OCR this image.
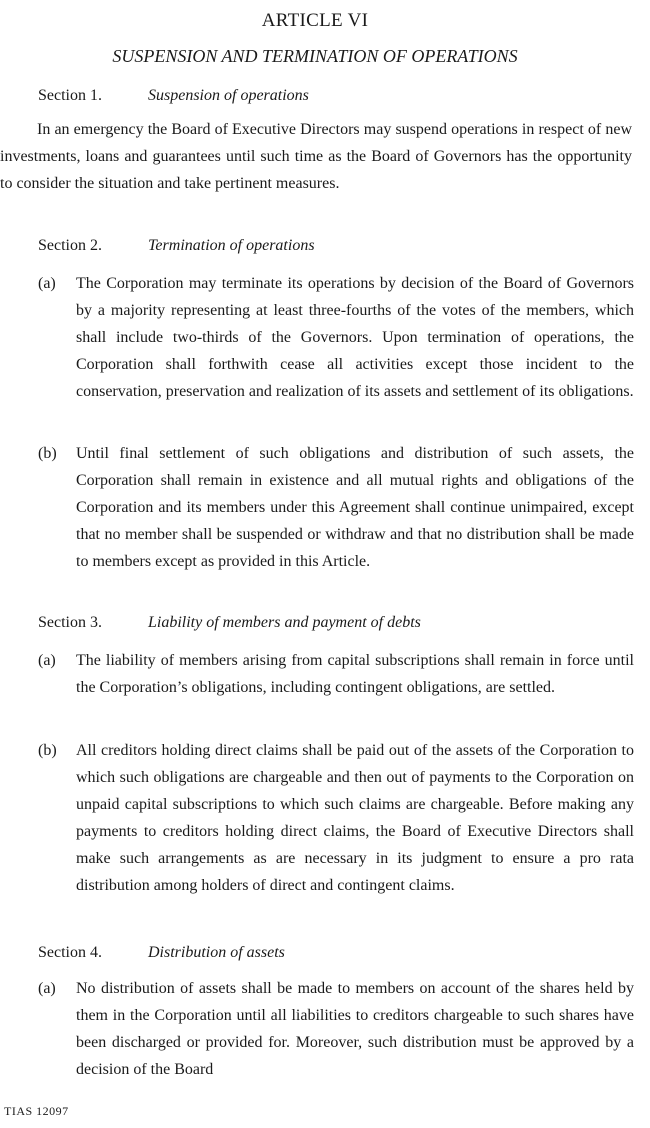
ARTICLE VI
SUSPENSION AND TERMINATION OF OPERATIONS
Section 1.	Suspension of operations
In an emergency the Board of Executive Directors may suspend operations in respect of new investments, loans and guarantees until such time as the Board of Governors has the opportunity to consider the situation and take pertinent measures.
Section 2.	Termination of operations
(a) The Corporation may terminate its operations by decision of the Board of Governors by a majority representing at least three-fourths of the votes of the members, which shall include two-thirds of the Governors. Upon termination of operations, the Corporation shall forthwith cease all activities except those incident to the conservation, preservation and realization of its assets and settlement of its obligations.
(b) Until final settlement of such obligations and distribution of such assets, the Corporation shall remain in existence and all mutual rights and obligations of the Corporation and its members under this Agreement shall continue unimpaired, except that no member shall be suspended or withdraw and that no distribution shall be made to members except as provided in this Article.
Section 3.	Liability of members and payment of debts
(a) The liability of members arising from capital subscriptions shall remain in force until the Corporation’s obligations, including contingent obligations, are settled.
(b) All creditors holding direct claims shall be paid out of the assets of the Corporation to which such obligations are chargeable and then out of payments to the Corporation on unpaid capital subscriptions to which such claims are chargeable. Before making any payments to creditors holding direct claims, the Board of Executive Directors shall make such arrangements as are necessary in its judgment to ensure a pro rata distribution among holders of direct and contingent claims.
Section 4.	Distribution of assets
(a) No distribution of assets shall be made to members on account of the shares held by them in the Corporation until all liabilities to creditors chargeable to such shares have been discharged or provided for. Moreover, such distribution must be approved by a decision of the Board
TIAS 12097
